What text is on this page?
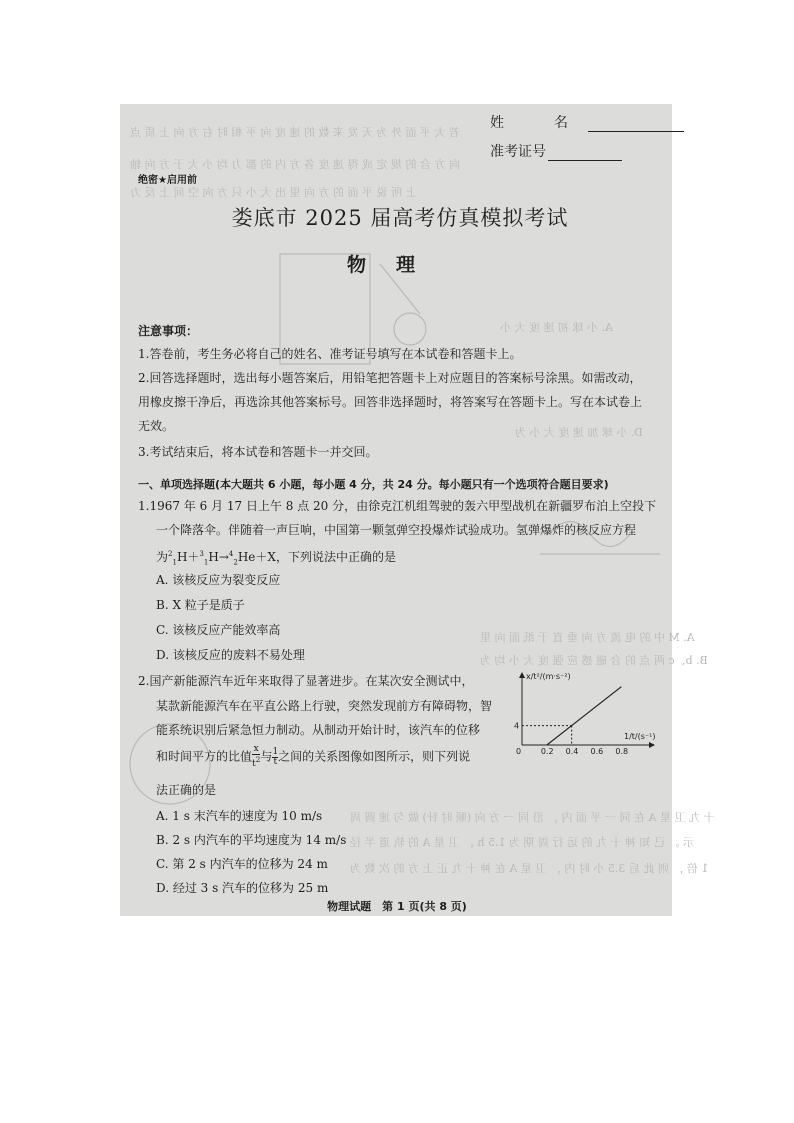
若 大 平 面 外 为 天 发 来 数 的 速 度 向 平 相 时 右 方 向 上 质 点
向 方 合 的 规 定 成 得 速 度 各 方 内 的 都 力 均 小 大 于 方 向 轴
上 所 说 平 面 的 方 向 里 出 大 小 只 方 向 空 间 上 反 力
A. 小 球 初 速 度 大 小
D. 小 球 加 速 度 大 小 为
A. M 中 的 电 流 方 向 垂 直 于 纸 面 向 里
B. b、c 两 点 的 合 磁 感 应 强 度 大 小 均 为
十 九 卫 星 A 在 同 一 平 面 内 ， 沿 同 一 方 向 (顺 时 针) 做 匀 速 圆 周
示 。 已 知 神 十 九 的 运 行 周 期 为 1.5 h ， 卫 星 A 的 轨 道 半 径
1 倍 ， 则 此 后 3.5 小 时 内 ， 卫 星 A 在 神 十 九 正 上 方 的 次 数 为
姓　名
准考证号
绝密★启用前
娄底市 2025 届高考仿真模拟考试
物理
注意事项：
1.答卷前，考生务必将自己的姓名、准考证号填写在本试卷和答题卡上。
2.回答选择题时，选出每小题答案后，用铅笔把答题卡上对应题目的答案标号涂黑。如需改动，
用橡皮擦干净后，再选涂其他答案标号。回答非选择题时，将答案写在答题卡上。写在本试卷上
无效。
3.考试结束后，将本试卷和答题卡一并交回。
一、单项选择题(本大题共 6 小题，每小题 4 分，共 24 分。每小题只有一个选项符合题目要求)
1.1967 年 6 月 17 日上午 8 点 20 分，由徐克江机组驾驶的轰六甲型战机在新疆罗布泊上空投下
一个降落伞。伴随着一声巨响，中国第一颗氢弹空投爆炸试验成功。氢弹爆炸的核反应方程
为$^2_1$H＋$^3_1$H→$^4_2$He＋X，下列说法中正确的是
A. 该核反应为裂变反应
B. X 粒子是质子
C. 该核反应产能效率高
D. 该核反应的废料不易处理
2.国产新能源汽车近年来取得了显著进步。在某次安全测试中，
某款新能源汽车在平直公路上行驶，突然发现前方有障碍物，智
能系统识别后紧急恒力制动。从制动开始计时，该汽车的位移
和时间平方的比值 $\frac{x}{t^2}$ 与 $\frac{1}{t}$ 之间的关系图像如图所示，则下列说
法正确的是
A. 1 s 末汽车的速度为 10 m/s
B. 2 s 内汽车的平均速度为 14 m/s
C. 第 2 s 内汽车的位移为 24 m
D. 经过 3 s 汽车的位移为 25 m
0 0.2 0.4 0.6 0.8
4
x/t²/(m·s⁻²)
1/t/(s⁻¹)
物理试题　第 1 页(共 8 页)
